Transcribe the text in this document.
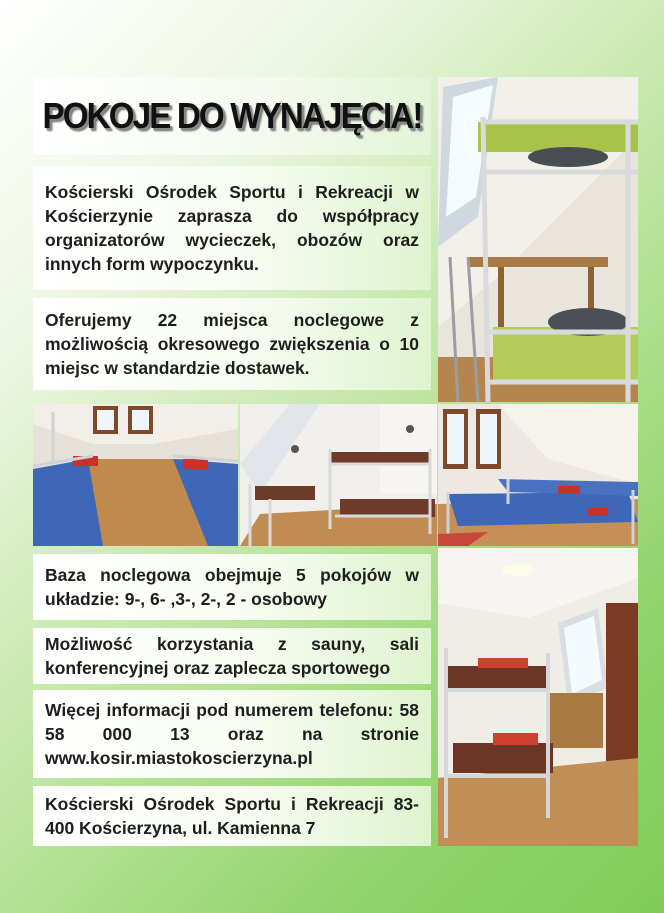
POKOJE DO WYNAJĘCIA!
Kościerski Ośrodek Sportu i Rekreacji w Kościerzynie zaprasza do współpracy organizatorów wycieczek, obozów oraz innych form wypoczynku.
Oferujemy 22 miejsca noclegowe z możliwością okresowego zwiększenia o 10 miejsc w standardzie dostawek.
Baza noclegowa obejmuje 5 pokojów w układzie: 9-, 6- ,3-, 2-, 2 - osobowy
Możliwość korzystania z sauny, sali konferencyjnej oraz zaplecza sportowego
Więcej informacji pod numerem telefonu: 58 58 000 13 oraz na stronie www.kosir.miastokoscierzyna.pl
Kościerski Ośrodek Sportu i Rekreacji 83-400 Kościerzyna, ul. Kamienna 7
